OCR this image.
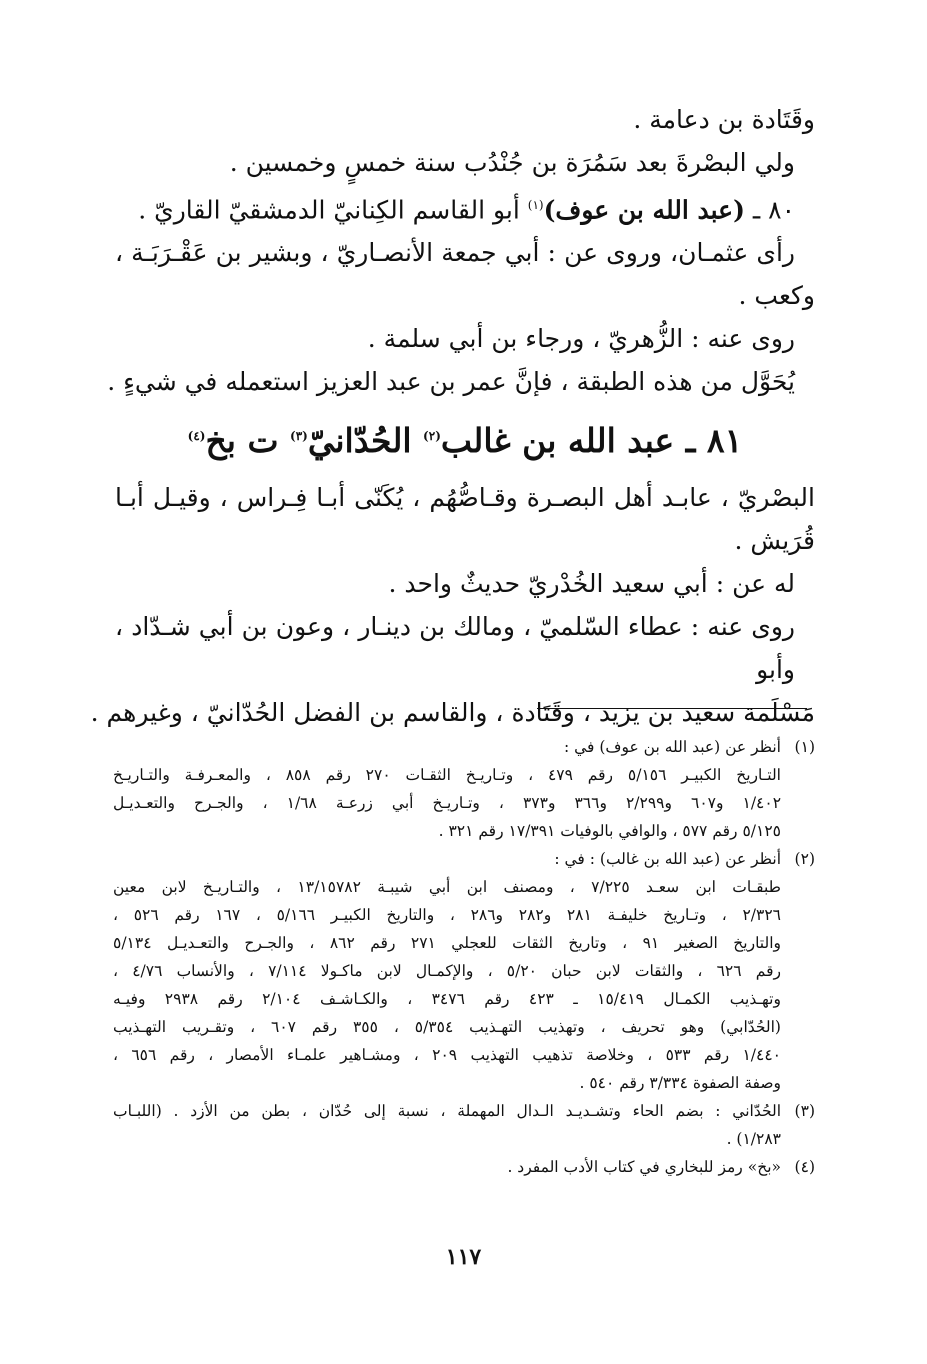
وقَتَادة بن دعامة .
ولي البصْرةَ بعد سَمُرَة بن جُنْدُب سنة خمسٍ وخمسين .
٨٠ ـ (عبد الله بن عوف)$^{(١)}$ أبو القاسم الكِنانيّ الدمشقيّ القاريّ .
رأى عثمـان، وروى عن : أبي جمعة الأنصـاريّ ، وبشير بن عَقْـرَبَـة ،
وكعب .
روى عنه : الزُّهريّ ، ورجاء بن أبي سلمة .
يُحَوَّل من هذه الطبقة ، فإنَّ عمر بن عبد العزيز استعمله في شيءٍ .
٨١ ـ عبد الله بن غالب$^{(٢)}$ الحُدّانيّ$^{(٣)}$ ت بخ$^{(٤)}$
البصْريّ ، عابـد أهل البصـرة وقـاصُّهُم ، يُكَنّى أبـا فِـراس ، وقيـل أبـا
قُرَيش .
له عن : أبي سعيد الخُدْريّ حديثٌ واحد .
روى عنه : عطاء السّلميّ ، ومالك بن دينـار ، وعون بن أبي شـدّاد ، وأبو
مَسْلَمة سعيد بن يزيد ، وقَتَادة ، والقاسم بن الفضل الحُدّانيّ ، وغيرهم .
(١)
أنظر عن (عبد الله بن عوف) في :
التـاريخ الكبيـر ٥/١٥٦ رقم ٤٧٩ ، وتـاريـخ الثقـات ٢٧٠ رقم ٨٥٨ ، والمعـرفـة والتـاريـخ
١/٤٠٢ و٦٠٧ و٢/٢٩٩ و٣٦٦ و٣٧٣ ، وتـاريـخ أبي زرعـة ١/٦٨ ، والجـرح والتعـديـل
٥/١٢٥ رقم ٥٧٧ ، والوافي بالوفيات ١٧/٣٩١ رقم ٣٢١ .
(٢)
أنظر عن (عبد الله بن غالب) : في :
طبقـات ابن سعـد ٧/٢٢٥ ، ومصنف ابن أبي شيبـة ١٣/١٥٧٨٢ ، والتـاريـخ لابن معين
٢/٣٢٦ ، وتـاريخ خليفـة ٢٨١ و٢٨٢ و٢٨٦ ، والتاريخ الكبيـر ٥/١٦٦ ، ١٦٧ رقم ٥٢٦ ،
والتاريخ الصغير ٩١ ، وتاريخ الثقات للعجلي ٢٧١ رقم ٨٦٢ ، والجـرح والتعـديـل ٥/١٣٤
رقم ٦٢٦ ، والثقات لابن حبان ٥/٢٠ ، والإكمـال لابن ماكـولا ٧/١١٤ ، والأنساب ٤/٧٦ ،
وتهـذيب الكمـال ١٥/٤١٩ ـ ٤٢٣ رقم ٣٤٧٦ ، والكـاشـف ٢/١٠٤ رقم ٢٩٣٨ وفيـه
(الحُدّابي) وهو تحريف ، وتهذيب التهـذيب ٥/٣٥٤ ، ٣٥٥ رقم ٦٠٧ ، وتقـريب التهـذيب
١/٤٤٠ رقم ٥٣٣ ، وخلاصة تذهيب التهذيب ٢٠٩ ، ومشـاهير علمـاء الأمصار ، رقم ٦٥٦ ،
وصفة الصفوة ٣/٣٣٤ رقم ٥٤٠ .
(٣)
الحُدّاني : بضم الحاء وتشـديـد الـدال المهملة ، نسبة إلى حُدّان ، بطن من الأزد . (اللبـاب
١/٢٨٣) .
(٤)
«بخ» رمز للبخاري في كتاب الأدب المفرد .
١١٧
